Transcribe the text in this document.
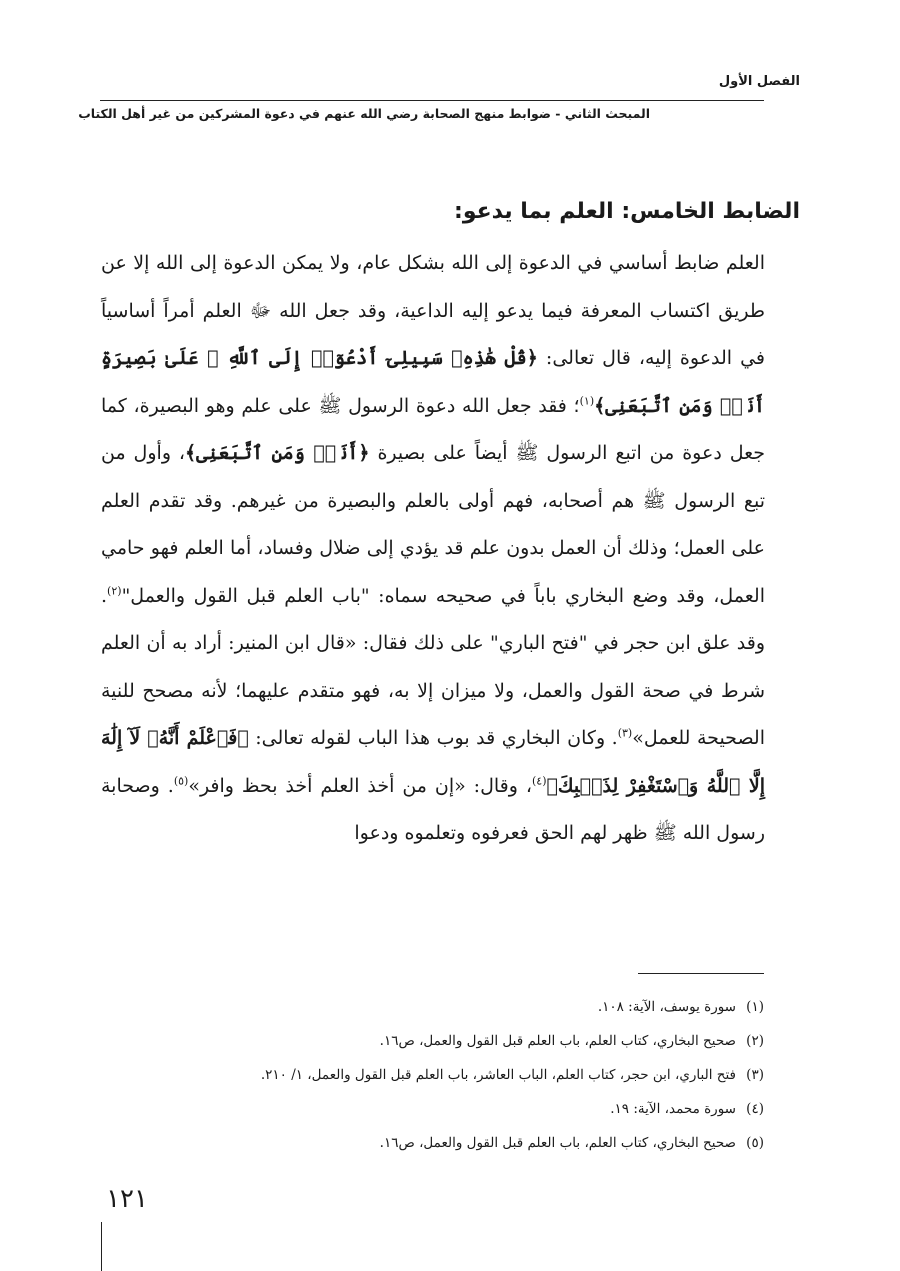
الفصل الأول
المبحث الثاني - ضوابط منهج الصحابة رضي الله عنهم في دعوة المشركين من غير أهل الكتاب
الضابط الخامس: العلم بما يدعو:
العلم ضابط أساسي في الدعوة إلى الله بشكل عام، ولا يمكن الدعوة إلى الله إلا عن طريق اكتساب المعرفة فيما يدعو إليه الداعية، وقد جعل الله ﷻ العلم أمراً أساسياً في الدعوة إليه، قال تعالى: ﴿قُلْ هَٰذِهِۦ سَبِيلِىٓ أَدْعُوٓا۟ إِلَى ٱللَّهِ ۚ عَلَىٰ بَصِيرَةٍ أَنَا۠ وَمَنِ ٱتَّبَعَنِى﴾$^{(١)}$؛ فقد جعل الله دعوة الرسول ﷺ على علم وهو البصيرة، كما جعل دعوة من اتبع الرسول ﷺ أيضاً على بصيرة ﴿أَنَا۠ وَمَنِ ٱتَّبَعَنِى﴾، وأول من تبع الرسول ﷺ هم أصحابه، فهم أولى بالعلم والبصيرة من غيرهم. وقد تقدم العلم على العمل؛ وذلك أن العمل بدون علم قد يؤدي إلى ضلال وفساد، أما العلم فهو حامي العمل، وقد وضع البخاري باباً في صحيحه سماه: "باب العلم قبل القول والعمل"$^{(٢)}$. وقد علق ابن حجر في "فتح الباري" على ذلك فقال: «قال ابن المنير: أراد به أن العلم شرط في صحة القول والعمل، ولا ميزان إلا به، فهو متقدم عليهما؛ لأنه مصحح للنية الصحيحة للعمل»$^{(٣)}$. وكان البخاري قد بوب هذا الباب لقوله تعالى: ﴿فَٱعْلَمْ أَنَّهُۥ لَآ إِلَٰهَ إِلَّا ٱللَّهُ وَٱسْتَغْفِرْ لِذَنۢبِكَ﴾$^{(٤)}$، وقال: «إن من أخذ العلم أخذ بحظ وافر»$^{(٥)}$. وصحابة رسول الله ﷺ ظهر لهم الحق فعرفوه وتعلموه ودعوا
(١)سورة يوسف، الآية: ١٠٨.
(٢)صحيح البخاري، كتاب العلم، باب العلم قبل القول والعمل، ص١٦.
(٣)فتح الباري، ابن حجر، كتاب العلم، الباب العاشر، باب العلم قبل القول والعمل، ١/ ٢١٠.
(٤)سورة محمد، الآية: ١٩.
(٥)صحيح البخاري، كتاب العلم، باب العلم قبل القول والعمل، ص١٦.
١٢١
